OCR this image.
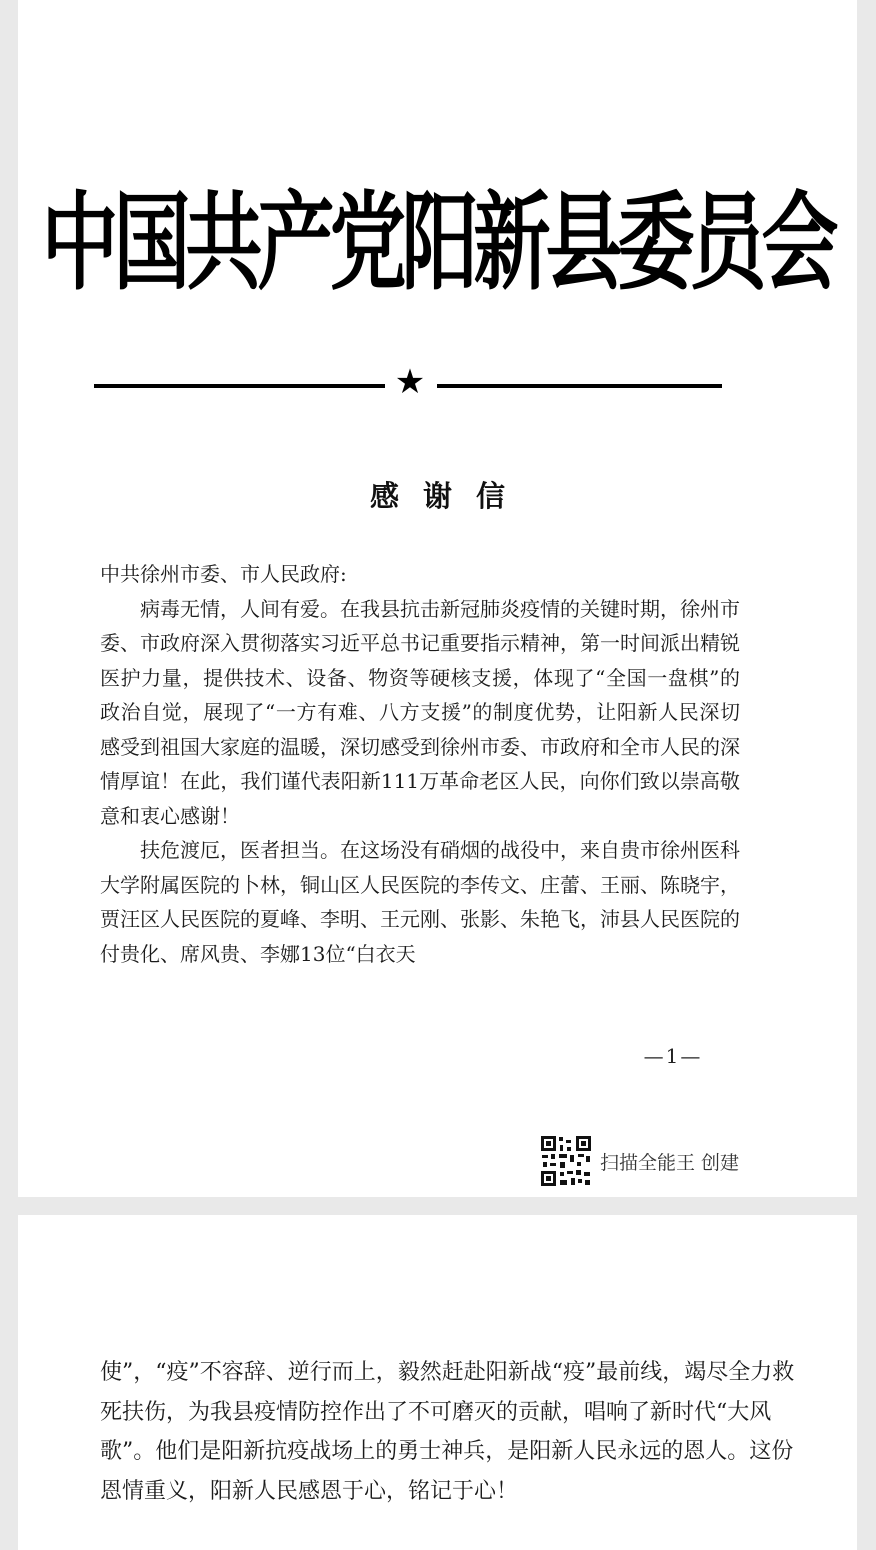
中国共产党阳新县委员会
★
感谢信

中共徐州市委、市人民政府:

病毒无情，人间有爱。在我县抗击新冠肺炎疫情的关键时期，徐州市委、市政府深入贯彻落实习近平总书记重要指示精神，第一时间派出精锐医护力量，提供技术、设备、物资等硬核支援，体现了“全国一盘棋”的政治自觉，展现了“一方有难、八方支援”的制度优势，让阳新人民深切感受到祖国大家庭的温暖，深切感受到徐州市委、市政府和全市人民的深情厚谊！在此，我们谨代表阳新111万革命老区人民，向你们致以崇高敬意和衷心感谢！

扶危渡厄，医者担当。在这场没有硝烟的战役中，来自贵市徐州医科大学附属医院的卜林，铜山区人民医院的李传文、庄蕾、王丽、陈晓宇，贾汪区人民医院的夏峰、李明、王元刚、张影、朱艳飞，沛县人民医院的付贵化、席风贵、李娜13位“白衣天

—1—
扫描全能王 创建

使”，“疫”不容辞、逆行而上，毅然赶赴阳新战“疫”最前线，竭尽全力救死扶伤，为我县疫情防控作出了不可磨灭的贡献，唱响了新时代“大风歌”。他们是阳新抗疫战场上的勇士神兵，是阳新人民永远的恩人。这份恩情重义，阳新人民感恩于心，铭记于心！
